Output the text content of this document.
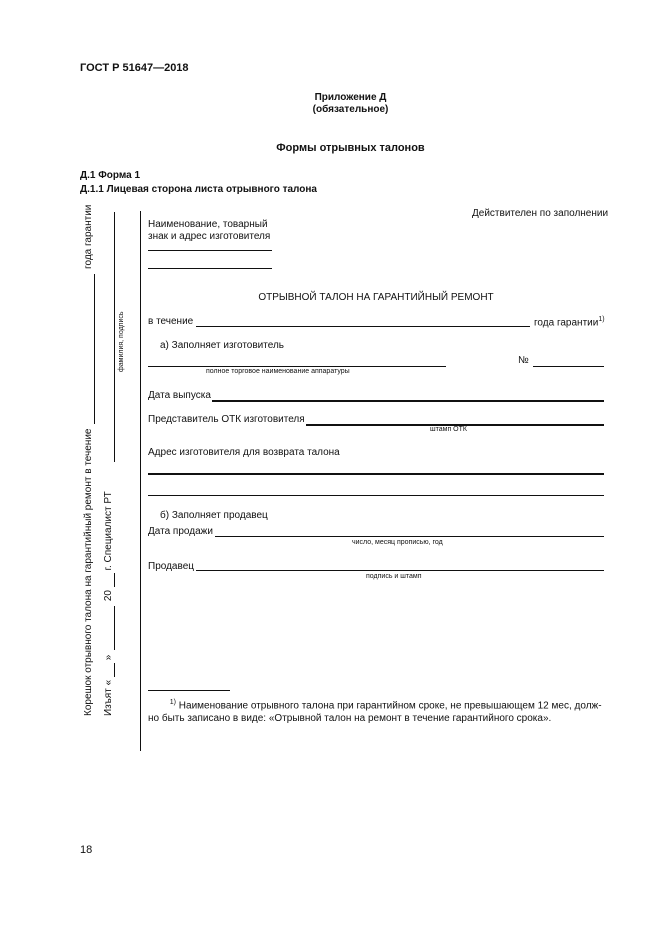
ГОСТ Р 51647—2018
Приложение Д
(обязательное)
Формы отрывных талонов
Д.1 Форма 1
Д.1.1 Лицевая сторона листа отрывного талона
Корешок отрывного талона на гарантийный ремонт в течение   года гарантии
Изъят «   »   20   г. Специалист РТ
фамилия, подпись
Действителен по заполнении
Наименование, товарный
знак и адрес изготовителя
ОТРЫВНОЙ ТАЛОН НА ГАРАНТИЙНЫЙ РЕМОНТ
в течение	года гарантии$^{1)}$
а) Заполняет изготовитель
№
полное торговое наименование аппаратуры
Дата выпуска
Представитель ОТК изготовителя
штамп ОТК
Адрес изготовителя для возврата талона
б) Заполняет продавец
Дата продажи
число, месяц прописью, год
Продавец
подпись и штамп
$^{1)}$ Наименование отрывного талона при гарантийном сроке, не превышающем 12 мес, долж-
но быть записано в виде: «Отрывной талон на ремонт в течение гарантийного срока».
18
